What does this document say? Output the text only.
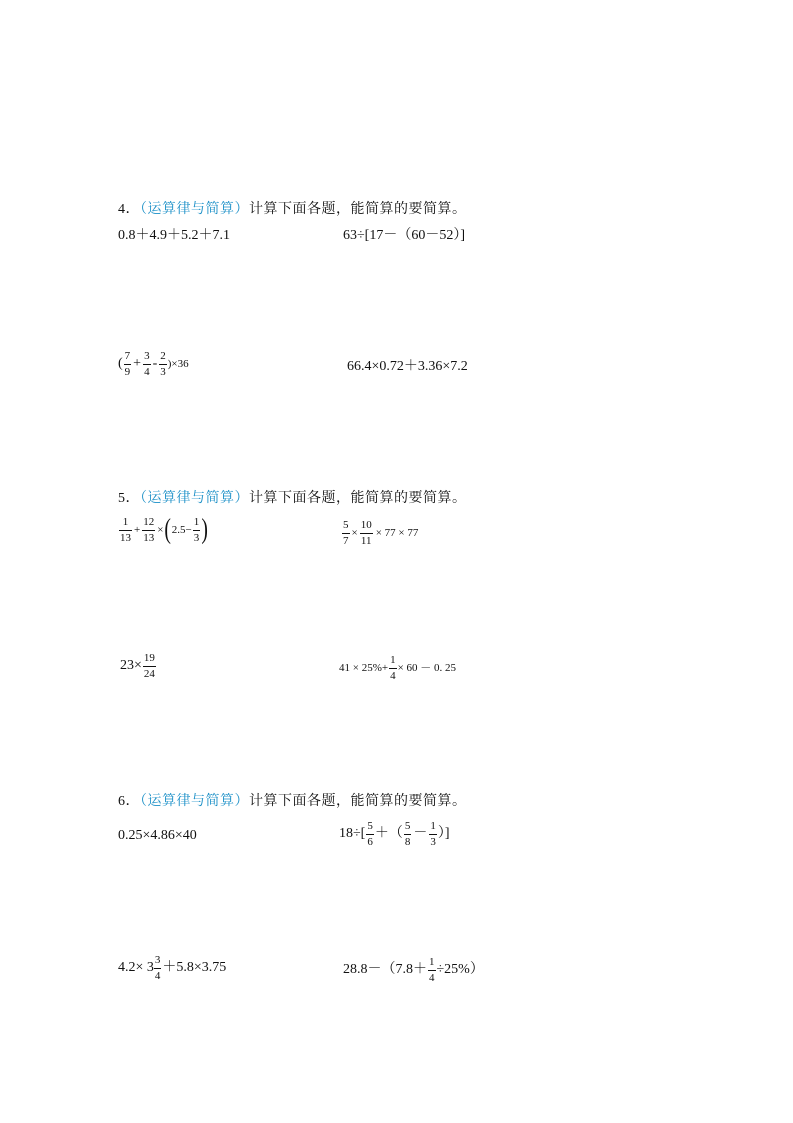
4．（运算律与简算）计算下面各题，能简算的要简算。
0.8＋4.9＋5.2＋7.1	63÷[17－（60－52）]
( $\frac{7}{9} + \frac{3}{4} - \frac{2}{3} )\times 36$	66.4×0.72＋3.36×7.2
5．（运算律与简算）计算下面各题，能简算的要简算。
$\frac{1}{13} + \frac{12}{13}$ × ( $2.5- \frac{1}{3}$ )	$\frac{5}{7} \times \frac{10}{11} \times 77 \times 77$
$23\times \frac{19}{24}$	$41 \times 25\%+ \frac{1}{4} \times 60 - 0$. 25
6．（运算律与简算）计算下面各题，能简算的要简算。
0.25×4.86×40	$18\div[ \frac{5}{6}$ ＋（ $\frac{5}{8} - \frac{1}{3}$ ）]
$4.2\times 3 \frac{3}{4} +5.8\times 3.75$	$28.8-(7.8+ \frac{1}{4} \div 25\%)$
